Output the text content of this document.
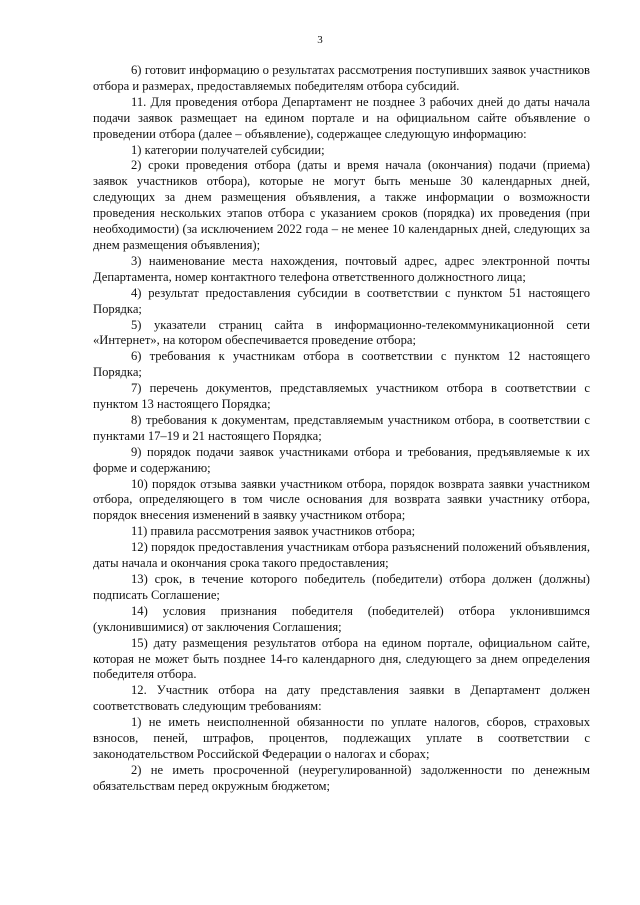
3

6) готовит информацию о результатах рассмотрения поступивших заявок участников отбора и размерах, предоставляемых победителям отбора субсидий.

11. Для проведения отбора Департамент не позднее 3 рабочих дней до даты начала подачи заявок размещает на едином портале и на официальном сайте объявление о проведении отбора (далее – объявление), содержащее следующую информацию:

1) категории получателей субсидии;

2) сроки проведения отбора (даты и время начала (окончания) подачи (приема) заявок участников отбора), которые не могут быть меньше 30 календарных дней, следующих за днем размещения объявления, а также информации о возможности проведения нескольких этапов отбора с указанием сроков (порядка) их проведения (при необходимости) (за исключением 2022 года – не менее 10 календарных дней, следующих за днем размещения объявления);

3) наименование места нахождения, почтовый адрес, адрес электронной почты Департамента, номер контактного телефона ответственного должностного лица;

4) результат предоставления субсидии в соответствии с пунктом 51 настоящего Порядка;

5) указатели страниц сайта в информационно-телекоммуникационной сети «Интернет», на котором обеспечивается проведение отбора;

6) требования к участникам отбора в соответствии с пунктом 12 настоящего Порядка;

7) перечень документов, представляемых участником отбора в соответствии с пунктом 13 настоящего Порядка;

8) требования к документам, представляемым участником отбора, в соответствии с пунктами 17–19 и 21 настоящего Порядка;

9) порядок подачи заявок участниками отбора и требования, предъявляемые к их форме и содержанию;

10) порядок отзыва заявки участником отбора, порядок возврата заявки участником отбора, определяющего в том числе основания для возврата заявки участнику отбора, порядок внесения изменений в заявку участником отбора;

11) правила рассмотрения заявок участников отбора;

12) порядок предоставления участникам отбора разъяснений положений объявления, даты начала и окончания срока такого предоставления;

13) срок, в течение которого победитель (победители) отбора должен (должны) подписать Соглашение;

14) условия признания победителя (победителей) отбора уклонившимся (уклонившимися) от заключения Соглашения;

15) дату размещения результатов отбора на едином портале, официальном сайте, которая не может быть позднее 14-го календарного дня, следующего за днем определения победителя отбора.

12. Участник отбора на дату представления заявки в Департамент должен соответствовать следующим требованиям:

1) не иметь неисполненной обязанности по уплате налогов, сборов, страховых взносов, пеней, штрафов, процентов, подлежащих уплате в соответствии с законодательством Российской Федерации о налогах и сборах;

2) не иметь просроченной (неурегулированной) задолженности по денежным обязательствам перед окружным бюджетом;
